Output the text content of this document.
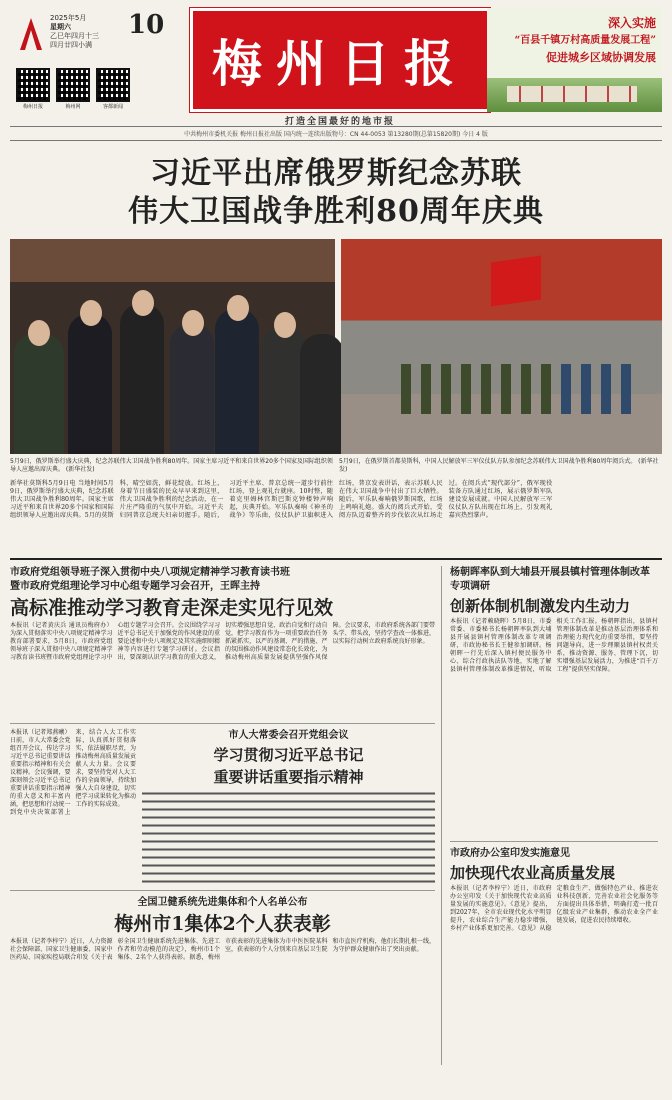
2025年5月
星期六
乙巳年四月十三
四月廿四小满
10
梅州日报	梅州网	客都新闻
梅州日报
打造全国最好的地市报
深入实施
“百县千镇万村高质量发展工程”
促进城乡区域协调发展
中共梅州市委机关报 梅州日报社出版 国内统一连续出版物号：CN 44-0053 第13280期(总第15820期) 今日 4 版
习近平出席俄罗斯纪念苏联
伟大卫国战争胜利80周年庆典
5月9日，俄罗斯举行盛大庆典，纪念苏联伟大卫国战争胜利80周年。国家主席习近平和来自世界20多个国家及国际组织领导人应邀出席庆典。 (新华社发)
5月9日，在俄罗斯首都莫斯科，中国人民解放军三军仪仗队方队参加纪念苏联伟大卫国战争胜利80周年阅兵式。 (新华社发)
新华社莫斯科5月9日电 当地时间5月9日，俄罗斯举行盛大庆典，纪念苏联伟大卫国战争胜利80周年。国家主席习近平和来自世界20多个国家和国际组织领导人应邀出席庆典。5月的莫斯科，晴空如洗，鲜花绽放。红场上，身着节日盛装的民众早早来到这里，伟大卫国战争胜利的纪念活动，在一片庄严隆重的气氛中开始。习近平夫妇同普京总统夫妇亲切握手。随后，习近平主席、普京总统一道步行前往红场，登上观礼台就座。10时整，随着克里姆林宫斯巴斯克钟楼钟声响起，庆典开始。军乐队奏响《神圣的战争》等乐曲，仪仗队护卫旗帜进入红场，普京发表讲话，表示苏联人民在伟大卫国战争中付出了巨大牺牲。随后，军乐队奏响俄罗斯国歌，红场上鸣响礼炮。盛大的阅兵式开始，受阅方队迈着整齐的步伐依次从红场走过。在阅兵式“现代部分”，俄军现役装备方队通过红场，展示俄罗斯军队建设发展成就。中国人民解放军三军仪仗队方队出现在红场上，引发观礼嘉宾热烈掌声。
市政府党组领导班子深入贯彻中央八项规定精神学习教育读书班
暨市政府党组理论学习中心组专题学习会召开，王晖主持
高标准推动学习教育走深走实见行见效
本报讯（记者黄庆兵 通讯员梅府办）为深入贯彻落实中央八项规定精神学习教育部署要求，5月8日，市政府党组领导班子深入贯彻中央八项规定精神学习教育读书班暨市政府党组理论学习中心组专题学习会召开。会议围绕学习习近平总书记关于加强党的作风建设的重要论述和中央八项规定及其实施细则精神等内容进行专题学习研讨。会议指出，要深刻认识学习教育的重大意义，切实增强思想自觉、政治自觉和行动自觉，把学习教育作为一项重要政治任务抓紧抓实，以严的基调、严的措施、严的氛围推动作风建设常态化长效化，为推动梅州高质量发展提供坚强作风保障。会议要求，市政府系统各部门要带头学、带头改，坚持学查改一体推进，以实际行动树立政府系统良好形象。
本报讯（记者郑燕曦）日前，市人大常委会党组召开会议，传达学习习近平总书记重要讲话重要指示精神和有关会议精神。会议强调，要深刻领会习近平总书记重要讲话重要指示精神的重大意义和丰富内涵，把思想和行动统一到党中央决策部署上来，结合人大工作实际，认真抓好贯彻落实，依法履职尽责，为推动梅州高质量发展贡献人大力量。会议要求，要坚持党对人大工作的全面领导，持续加强人大自身建设，切实把学习成果转化为推动工作的实际成效。
市人大常委会召开党组会议
学习贯彻习近平总书记
重要讲话重要指示精神
全国卫健系统先进集体和个人名单公布
梅州市1集体2个人获表彰
本报讯（记者李梓宁）近日，人力资源社会保障部、国家卫生健康委、国家中医药局、国家疾控局联合印发《关于表彰全国卫生健康系统先进集体、先进工作者和劳动模范的决定》，梅州市1个集体、2名个人获得表彰。据悉，梅州市获表彰的先进集体为市中医医院某科室，获表彰的个人分别来自基层卫生院和市直医疗机构，他们长期扎根一线，为守护群众健康作出了突出贡献。
杨朝晖率队到大埔县开展县镇村管理体制改革专项调研
创新体制机制激发内生动力
本报讯（记者赖晓晖）5月8日，市委常委、市委秘书长杨朝晖率队到大埔县开展县镇村管理体制改革专项调研，市政协秘书长王健参加调研。杨朝晖一行先后深入镇村便民服务中心、综合行政执法队等地，实地了解县镇村管理体制改革推进情况，听取相关工作汇报。杨朝晖指出，县镇村管理体制改革是推动基层治理体系和治理能力现代化的重要举措，要坚持问题导向，进一步理顺县镇村权责关系，推动资源、服务、管理下沉，切实增强基层发展活力，为推进“百千万工程”提供坚实保障。
市政府办公室印发实施意见
加快现代农业高质量发展
本报讯（记者李梓宁）近日，市政府办公室印发《关于加快现代农业高质量发展的实施意见》。《意见》提出，到2027年，全市农业现代化水平明显提升，农业综合生产能力稳步增强，乡村产业体系更加完善。《意见》从稳定粮食生产、做强特色产业、推进农业科技创新、完善农业社会化服务等方面提出具体举措，明确打造一批百亿级农业产业集群，推动农业全产业链发展，促进农民持续增收。
